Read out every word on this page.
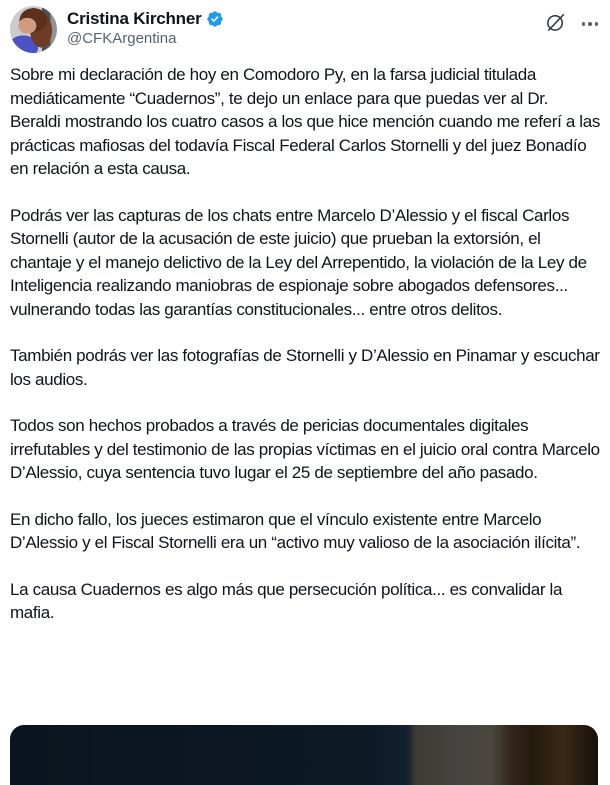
Cristina Kirchner
@CFKArgentina

Sobre mi declaración de hoy en Comodoro Py, en la farsa judicial titulada mediáticamente “Cuadernos”, te dejo un enlace para que puedas ver al Dr. Beraldi mostrando los cuatro casos a los que hice mención cuando me referí a las prácticas mafiosas del todavía Fiscal Federal Carlos Stornelli y del juez Bonadío en relación a esta causa.

Podrás ver las capturas de los chats entre Marcelo D’Alessio y el fiscal Carlos Stornelli (autor de la acusación de este juicio) que prueban la extorsión, el chantaje y el manejo delictivo de la Ley del Arrepentido, la violación de la Ley de Inteligencia realizando maniobras de espionaje sobre abogados defensores... vulnerando todas las garantías constitucionales... entre otros delitos.

También podrás ver las fotografías de Stornelli y D’Alessio en Pinamar y escuchar los audios.

Todos son hechos probados a través de pericias documentales digitales irrefutables y del testimonio de las propias víctimas en el juicio oral contra Marcelo D’Alessio, cuya sentencia tuvo lugar el 25 de septiembre del año pasado.

En dicho fallo, los jueces estimaron que el vínculo existente entre Marcelo D’Alessio y el Fiscal Stornelli era un “activo muy valioso de la asociación ilícita”.

La causa Cuadernos es algo más que persecución política... es convalidar la mafia.
